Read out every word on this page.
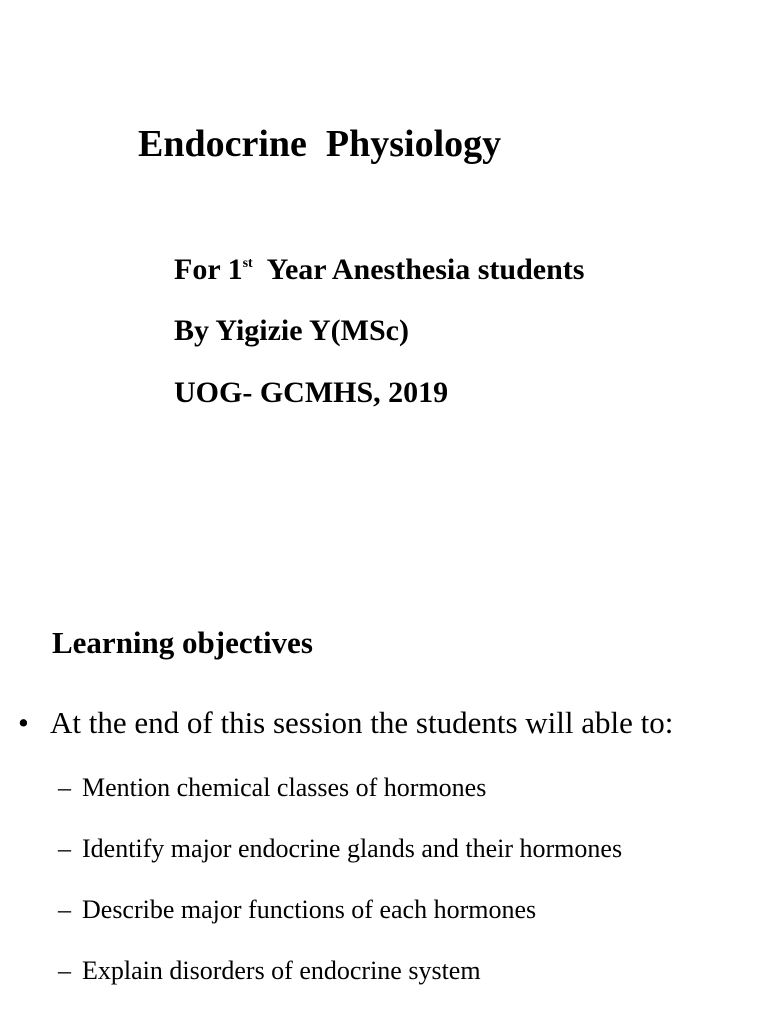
Endocrine  Physiology

For 1st  Year Anesthesia students

By Yigizie Y(MSc)

UOG- GCMHS, 2019

Learning objectives
• At the end of this session the students will able to:
– Mention chemical classes of hormones
– Identify major endocrine glands and their hormones
– Describe major functions of each hormones
– Explain disorders of endocrine system
